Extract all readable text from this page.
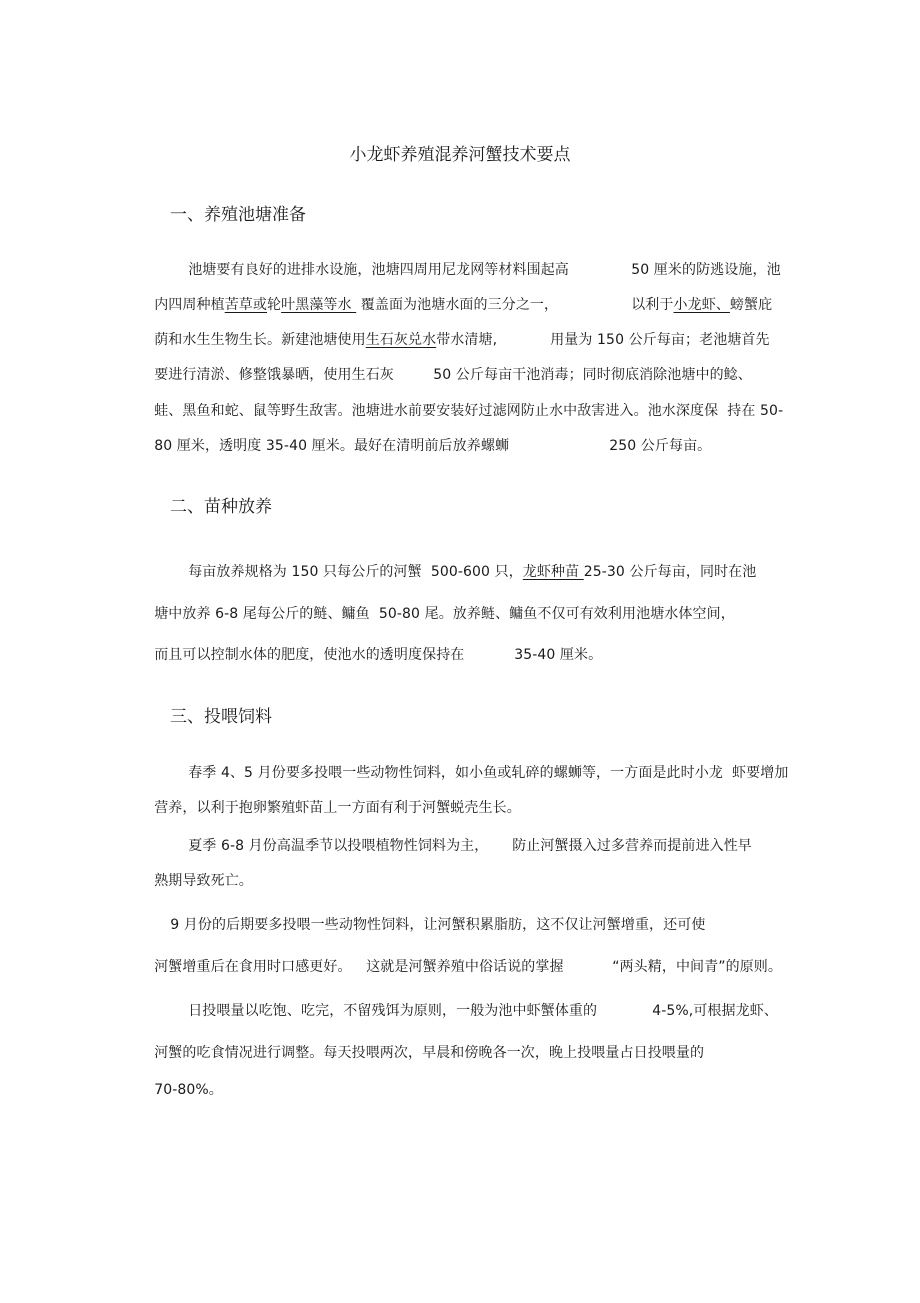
小龙虾养殖混养河蟹技术要点
一、养殖池塘准备

池塘要有良好的进排水设施，池塘四周用尼龙网等材料围起高
	50 厘米的防逃设施，池

内四周种植苦草或轮叶黑藻等水  覆盖面为池塘水面的三分之一，
	以利于小龙虾、螃蟹庇

荫和水生生物生长。新建池塘使用生石灰兑水带水清塘,
	用量为 150 公斤每亩；老池塘首先

要进行清淤、修整饿暴晒，使用生石灰
	50 公斤每亩干池消毒；同时彻底消除池塘中的鲶、

蛙、黑鱼和蛇、鼠等野生敌害。池塘进水前要安装好过滤网防止水中敌害进入。池水深度保  持在 50-

80 厘米，透明度 35-40 厘米。最好在清明前后放养螺蛳
	250 公斤每亩。

二、苗种放养

每亩放养规格为 150 只每公斤的河蟹  500-600 只，龙虾种苗 25-30 公斤每亩，同时在池

塘中放养 6-8 尾每公斤的鲢、鳙鱼  50-80 尾。放养鲢、鳙鱼不仅可有效利用池塘水体空间，

而且可以控制水体的肥度，使池水的透明度保持在
	35-40 厘米。

三、投喂饲料

春季 4、5 月份要多投喂一些动物性饲料，如小鱼或轧碎的螺蛳等，一方面是此时小龙  虾要增加

营养，以利于抱卵繁殖虾苗丄一方面有利于河蟹蜕壳生长。

夏季 6-8 月份高温季节以投喂植物性饲料为主，
	防止河蟹摄入过多营养而提前进入性早

熟期导致死亡。

9 月份的后期要多投喂一些动物性饲料，让河蟹积累脂肪，这不仅让河蟹增重，还可使

河蟹增重后在食用时口感更好。
	这就是河蟹养殖中俗话说的掌握
	“两头精，中间青”的原则。

日投喂量以吃饱、吃完，不留残饵为原则，一般为池中虾蟹体重的
	4-5%,可根据龙虾、

河蟹的吃食情况进行调整。每天投喂两次，早晨和傍晚各一次，晚上投喂量占日投喂量的

70-80%。
